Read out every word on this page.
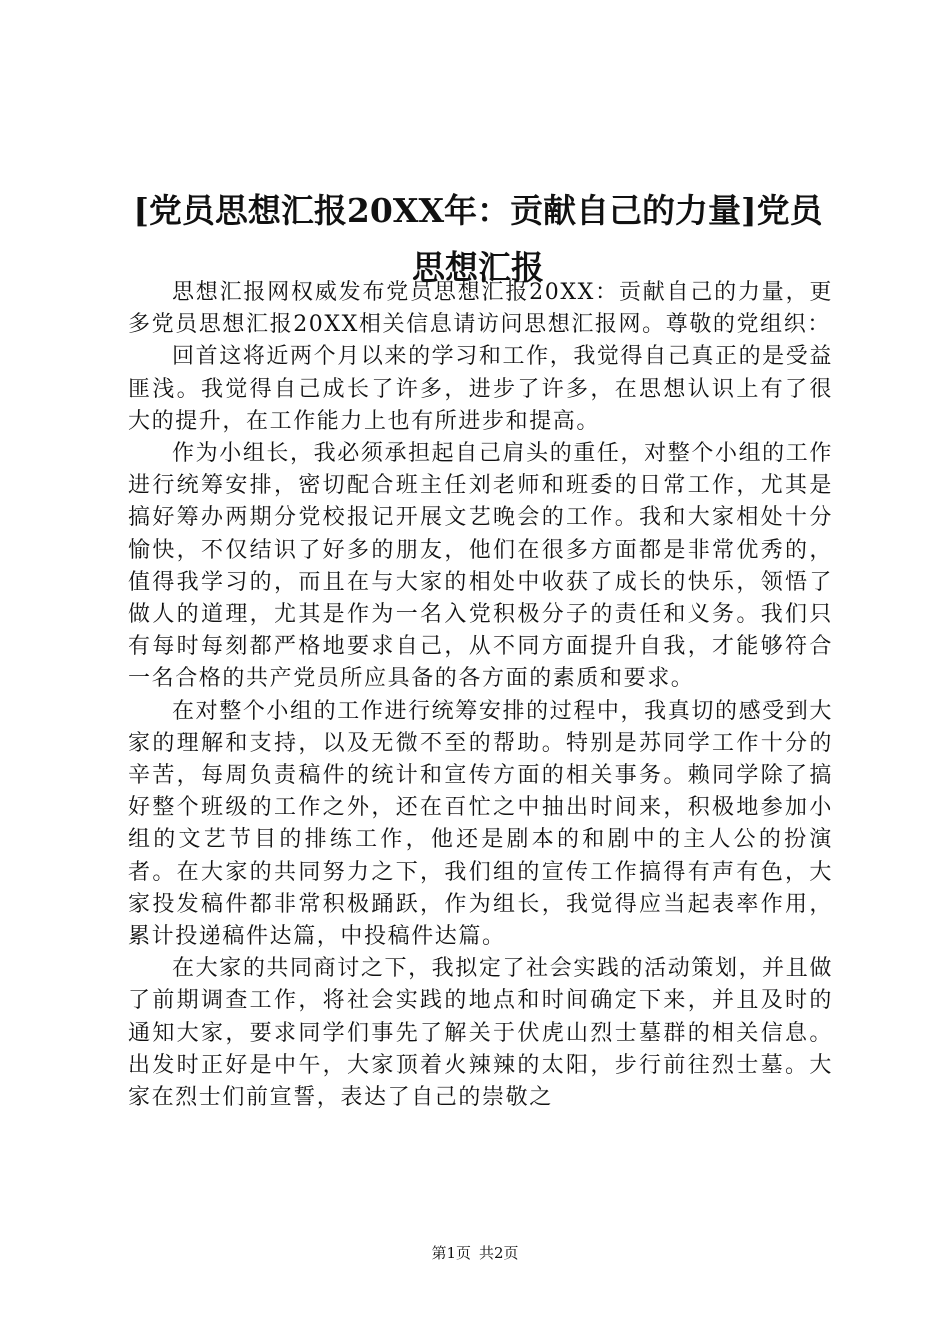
[党员思想汇报20XX年：贡献自己的力量]党员思想汇报

思想汇报网权威发布党员思想汇报20XX：贡献自己的力量，更多党员思想汇报20XX相关信息请访问思想汇报网。尊敬的党组织：

回首这将近两个月以来的学习和工作，我觉得自己真正的是受益匪浅。我觉得自己成长了许多，进步了许多，在思想认识上有了很大的提升，在工作能力上也有所进步和提高。

作为小组长，我必须承担起自己肩头的重任，对整个小组的工作进行统筹安排，密切配合班主任刘老师和班委的日常工作，尤其是搞好筹办两期分党校报记开展文艺晚会的工作。我和大家相处十分愉快，不仅结识了好多的朋友，他们在很多方面都是非常优秀的，值得我学习的，而且在与大家的相处中收获了成长的快乐，领悟了做人的道理，尤其是作为一名入党积极分子的责任和义务。我们只有每时每刻都严格地要求自己，从不同方面提升自我，才能够符合一名合格的共产党员所应具备的各方面的素质和要求。

在对整个小组的工作进行统筹安排的过程中，我真切的感受到大家的理解和支持，以及无微不至的帮助。特别是苏同学工作十分的辛苦，每周负责稿件的统计和宣传方面的相关事务。赖同学除了搞好整个班级的工作之外，还在百忙之中抽出时间来，积极地参加小组的文艺节目的排练工作，他还是剧本的和剧中的主人公的扮演者。在大家的共同努力之下，我们组的宣传工作搞得有声有色，大家投发稿件都非常积极踊跃，作为组长，我觉得应当起表率作用，累计投递稿件达篇，中投稿件达篇。

在大家的共同商讨之下，我拟定了社会实践的活动策划，并且做了前期调查工作，将社会实践的地点和时间确定下来，并且及时的通知大家，要求同学们事先了解关于伏虎山烈士墓群的相关信息。出发时正好是中午，大家顶着火辣辣的太阳，步行前往烈士墓。大家在烈士们前宣誓，表达了自己的崇敬之

第1页 共2页
